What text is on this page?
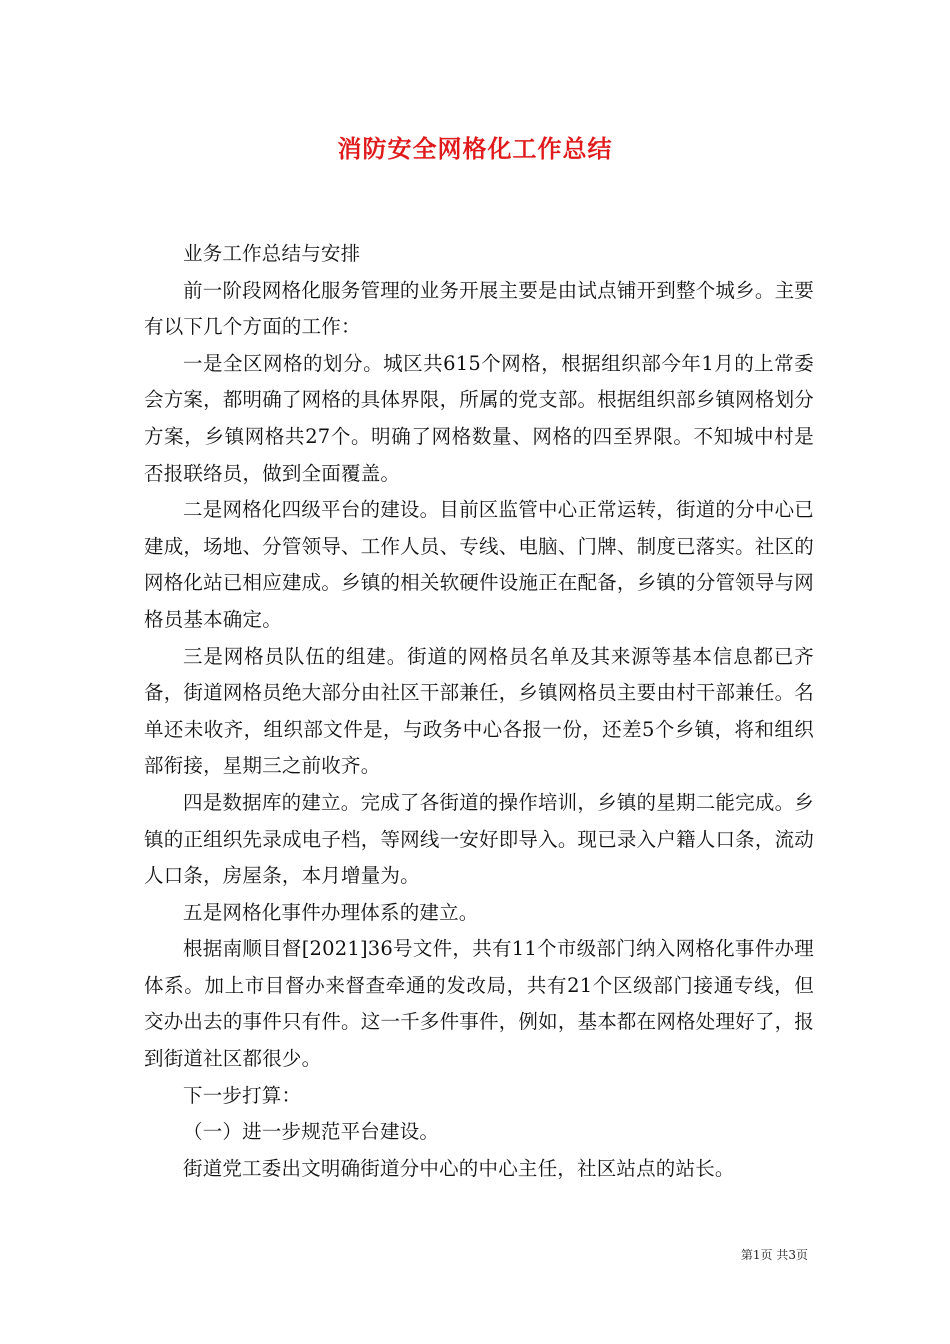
消防安全网格化工作总结

业务工作总结与安排

前一阶段网格化服务管理的业务开展主要是由试点铺开到整个城乡。主要有以下几个方面的工作：

一是全区网格的划分。城区共615个网格，根据组织部今年1月的上常委会方案，都明确了网格的具体界限，所属的党支部。根据组织部乡镇网格划分方案，乡镇网格共27个。明确了网格数量、网格的四至界限。不知城中村是否报联络员，做到全面覆盖。

二是网格化四级平台的建设。目前区监管中心正常运转，街道的分中心已建成，场地、分管领导、工作人员、专线、电脑、门牌、制度已落实。社区的网格化站已相应建成。乡镇的相关软硬件设施正在配备，乡镇的分管领导与网格员基本确定。

三是网格员队伍的组建。街道的网格员名单及其来源等基本信息都已齐备，街道网格员绝大部分由社区干部兼任，乡镇网格员主要由村干部兼任。名单还未收齐，组织部文件是，与政务中心各报一份，还差5个乡镇，将和组织部衔接，星期三之前收齐。

四是数据库的建立。完成了各街道的操作培训，乡镇的星期二能完成。乡镇的正组织先录成电子档，等网线一安好即导入。现已录入户籍人口条，流动人口条，房屋条，本月增量为。

五是网格化事件办理体系的建立。

根据南顺目督[2021]36号文件，共有11个市级部门纳入网格化事件办理体系。加上市目督办来督查牵通的发改局，共有21个区级部门接通专线，但交办出去的事件只有件。这一千多件事件，例如，基本都在网格处理好了，报到街道社区都很少。

下一步打算：

（一）进一步规范平台建设。

街道党工委出文明确街道分中心的中心主任，社区站点的站长。

第1页 共3页
